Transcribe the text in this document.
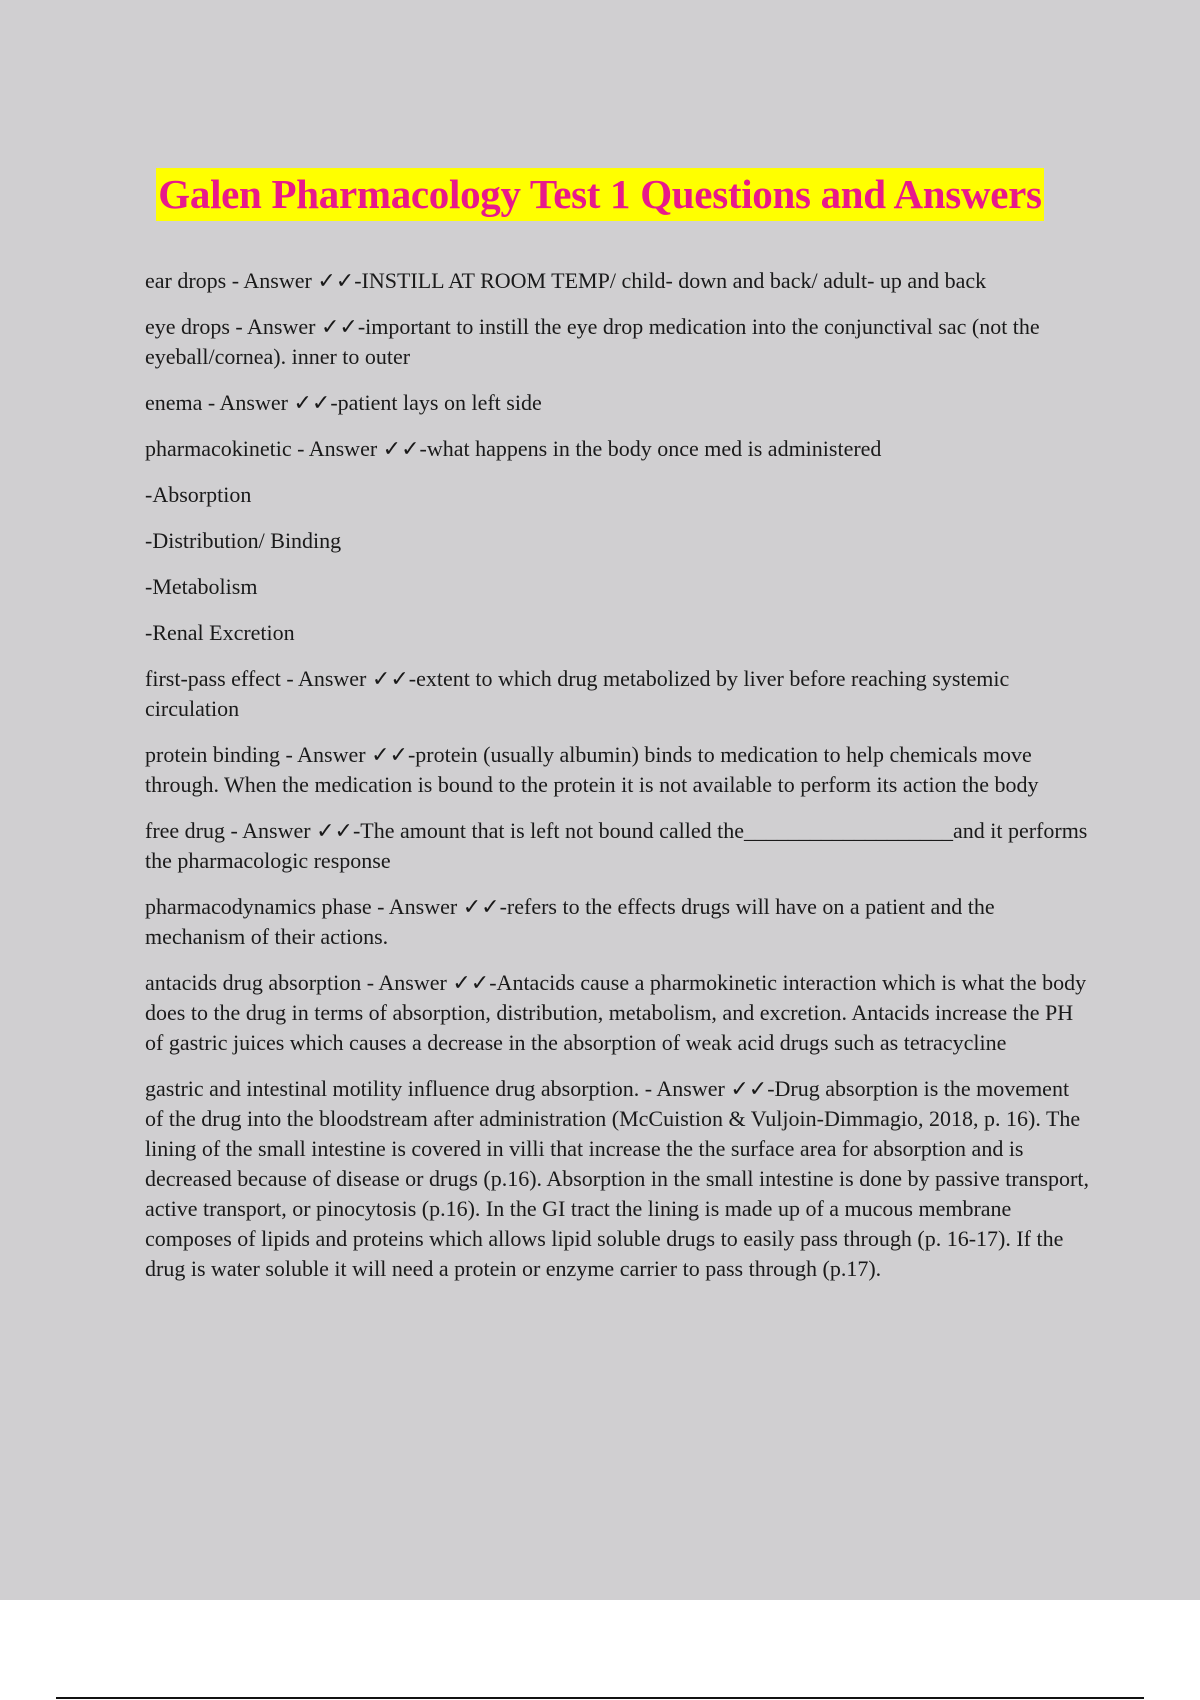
Galen Pharmacology Test 1 Questions and Answers

ear drops - Answer ✓✓-INSTILL AT ROOM TEMP/ child- down and back/ adult- up and back

eye drops - Answer ✓✓-important to instill the eye drop medication into the conjunctival sac (not the eyeball/cornea). inner to outer

enema - Answer ✓✓-patient lays on left side

pharmacokinetic - Answer ✓✓-what happens in the body once med is administered

-Absorption

-Distribution/ Binding

-Metabolism

-Renal Excretion

first-pass effect - Answer ✓✓-extent to which drug metabolized by liver before reaching systemic circulation

protein binding - Answer ✓✓-protein (usually albumin) binds to medication to help chemicals move through. When the medication is bound to the protein it is not available to perform its action the body

free drug - Answer ✓✓-The amount that is left not bound called the___________________and it performs the pharmacologic response

pharmacodynamics phase - Answer ✓✓-refers to the effects drugs will have on a patient and the mechanism of their actions.

antacids drug absorption - Answer ✓✓-Antacids cause a pharmokinetic interaction which is what the body does to the drug in terms of absorption, distribution, metabolism, and excretion. Antacids increase the PH of gastric juices which causes a decrease in the absorption of weak acid drugs such as tetracycline

gastric and intestinal motility influence drug absorption. - Answer ✓✓-Drug absorption is the movement of the drug into the bloodstream after administration (McCuistion & Vuljoin-Dimmagio, 2018, p. 16). The lining of the small intestine is covered in villi that increase the the surface area for absorption and is decreased because of disease or drugs (p.16). Absorption in the small intestine is done by passive transport, active transport, or pinocytosis (p.16). In the GI tract the lining is made up of a mucous membrane composes of lipids and proteins which allows lipid soluble drugs to easily pass through (p. 16-17). If the drug is water soluble it will need a protein or enzyme carrier to pass through (p.17).
